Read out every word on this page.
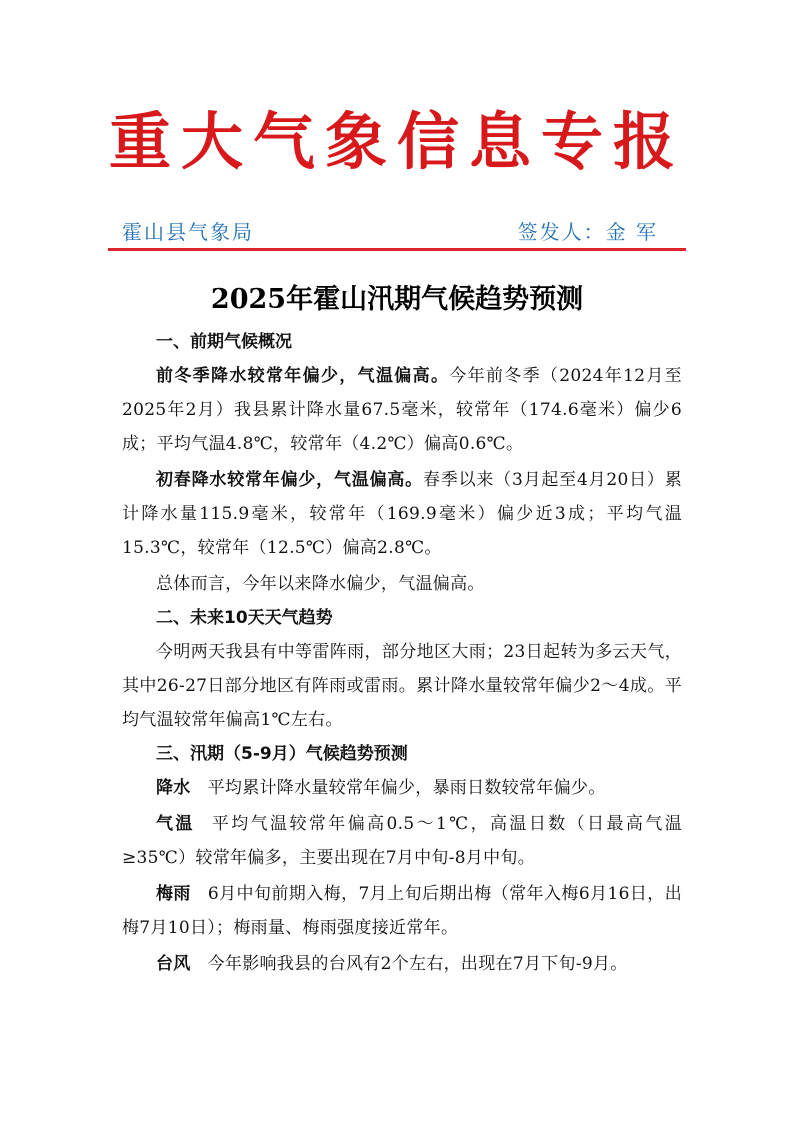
重大气象信息专报
霍山县气象局	签发人：金 军
2025年霍山汛期气候趋势预测
一、前期气候概况

前冬季降水较常年偏少，气温偏高。今年前冬季（2024年12月至2025年2月）我县累计降水量67.5毫米，较常年（174.6毫米）偏少6成；平均气温4.8℃，较常年（4.2℃）偏高0.6℃。

初春降水较常年偏少，气温偏高。春季以来（3月起至4月20日）累计降水量115.9毫米，较常年（169.9毫米）偏少近3成；平均气温15.3℃，较常年（12.5℃）偏高2.8℃。

总体而言，今年以来降水偏少，气温偏高。

二、未来10天天气趋势

今明两天我县有中等雷阵雨，部分地区大雨；23日起转为多云天气，其中26-27日部分地区有阵雨或雷雨。累计降水量较常年偏少2～4成。平均气温较常年偏高1℃左右。

三、汛期（5-9月）气候趋势预测

降水 平均累计降水量较常年偏少，暴雨日数较常年偏少。

气温 平均气温较常年偏高0.5～1℃，高温日数（日最高气温≥35℃）较常年偏多，主要出现在7月中旬-8月中旬。

梅雨 6月中旬前期入梅，7月上旬后期出梅（常年入梅6月16日，出梅7月10日）；梅雨量、梅雨强度接近常年。

台风 今年影响我县的台风有2个左右，出现在7月下旬-9月。
